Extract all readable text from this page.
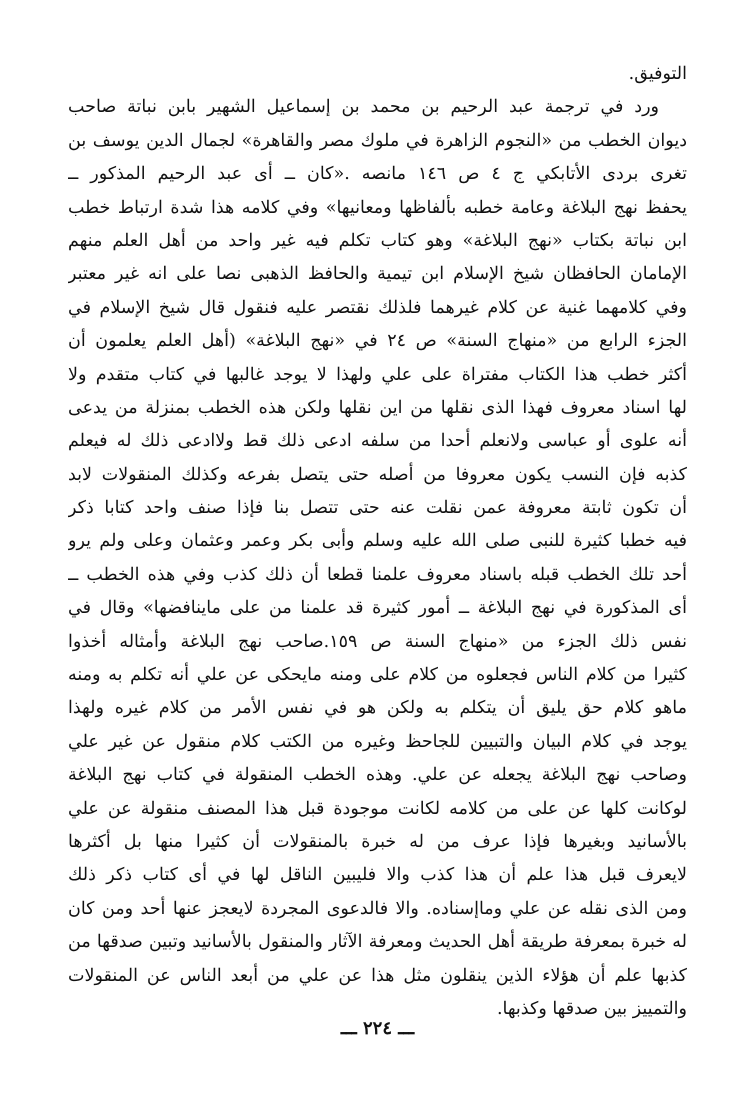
التوفيق.
ورد في ترجمة عبد الرحيم بن محمد بن إسماعيل الشهير بابن نباتة صاحب
ديوان الخطب من «النجوم الزاهرة في ملوك مصر والقاهرة» لجمال الدين يوسف بن
تغرى بردى الأتابكي ج ٤ ص ١٤٦ مانصه .«كان ــ أى عبد الرحيم المذكور ــ
يحفظ نهج البلاغة وعامة خطبه بألفاظها ومعانيها» وفي كلامه هذا شدة ارتباط خطب
ابن نباتة بكتاب «نهج البلاغة» وهو كتاب تكلم فيه غير واحد من أهل العلم منهم
الإمامان الحافظان شيخ الإسلام ابن تيمية والحافظ الذهبى نصا على انه غير معتبر
وفي كلامهما غنية عن كلام غيرهما فلذلك نقتصر عليه فنقول قال شيخ الإسلام في
الجزء الرابع من «منهاج السنة» ص ٢٤ في «نهج البلاغة» (أهل العلم يعلمون أن
أكثر خطب هذا الكتاب مفتراة على علي ولهذا لا يوجد غالبها في كتاب متقدم ولا
لها اسناد معروف فهذا الذى نقلها من اين نقلها ولكن هذه الخطب بمنزلة من يدعى
أنه علوى أو عباسى ولانعلم أحدا من سلفه ادعى ذلك قط ولاادعى ذلك له فيعلم
كذبه فإن النسب يكون معروفا من أصله حتى يتصل بفرعه وكذلك المنقولات لابد
أن تكون ثابتة معروفة عمن نقلت عنه حتى تتصل بنا فإذا صنف واحد كتابا ذكر
فيه خطبا كثيرة للنبى صلى الله عليه وسلم وأبى بكر وعمر وعثمان وعلى ولم يرو
أحد تلك الخطب قبله باسناد معروف علمنا قطعا أن ذلك كذب وفي هذه الخطب ــ
أى المذكورة في نهج البلاغة ــ أمور كثيرة قد علمنا من على ماينافضها» وقال في
نفس ذلك الجزء من «منهاج السنة ص ١٥٩.صاحب نهج البلاغة وأمثاله أخذوا
كثيرا من كلام الناس فجعلوه من كلام على ومنه مايحكى عن علي أنه تكلم به ومنه
ماهو كلام حق يليق أن يتكلم به ولكن هو في نفس الأمر من كلام غيره ولهذا
يوجد في كلام البيان والتبيين للجاحظ وغيره من الكتب كلام منقول عن غير علي
وصاحب نهج البلاغة يجعله عن علي. وهذه الخطب المنقولة في كتاب نهج البلاغة
لوكانت كلها عن على من كلامه لكانت موجودة قبل هذا المصنف منقولة عن علي
بالأسانيد وبغيرها فإذا عرف من له خبرة بالمنقولات أن كثيرا منها بل أكثرها
لايعرف قبل هذا علم أن هذا كذب والا فليبين الناقل لها في أى كتاب ذكر ذلك
ومن الذى نقله عن علي وماإسناده. والا فالدعوى المجردة لايعجز عنها أحد ومن كان
له خبرة بمعرفة طريقة أهل الحديث ومعرفة الآثار والمنقول بالأسانيد وتبين صدقها من
كذبها علم أن هؤلاء الذين ينقلون مثل هذا عن علي من أبعد الناس عن المنقولات
والتمييز بين صدقها وكذبها.
ـــ ٢٢٤ ـــ
